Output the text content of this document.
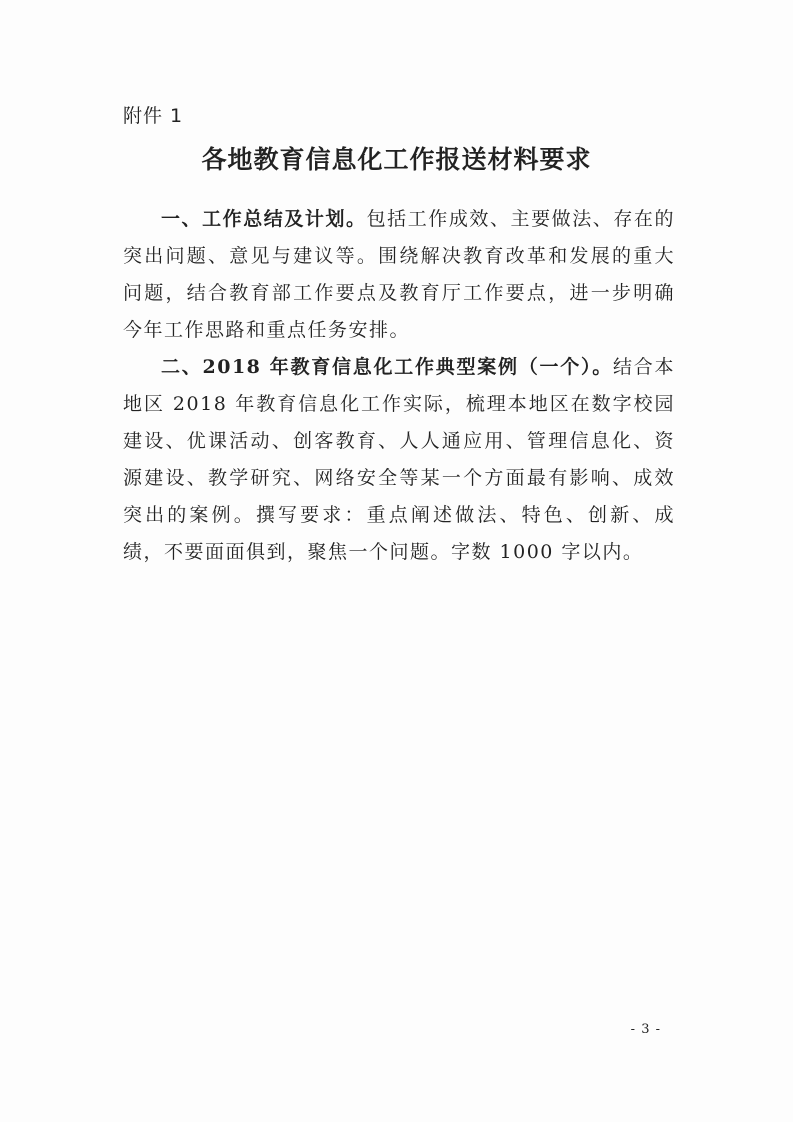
附件 1
各地教育信息化工作报送材料要求

一、工作总结及计划。包括工作成效、主要做法、存在的突出问题、意见与建议等。围绕解决教育改革和发展的重大问题，结合教育部工作要点及教育厅工作要点，进一步明确今年工作思路和重点任务安排。

二、2018 年教育信息化工作典型案例（一个）。结合本地区 2018 年教育信息化工作实际，梳理本地区在数字校园建设、优课活动、创客教育、人人通应用、管理信息化、资源建设、教学研究、网络安全等某一个方面最有影响、成效突出的案例。撰写要求：重点阐述做法、特色、创新、成绩，不要面面俱到，聚焦一个问题。字数 1000 字以内。

- 3 -
